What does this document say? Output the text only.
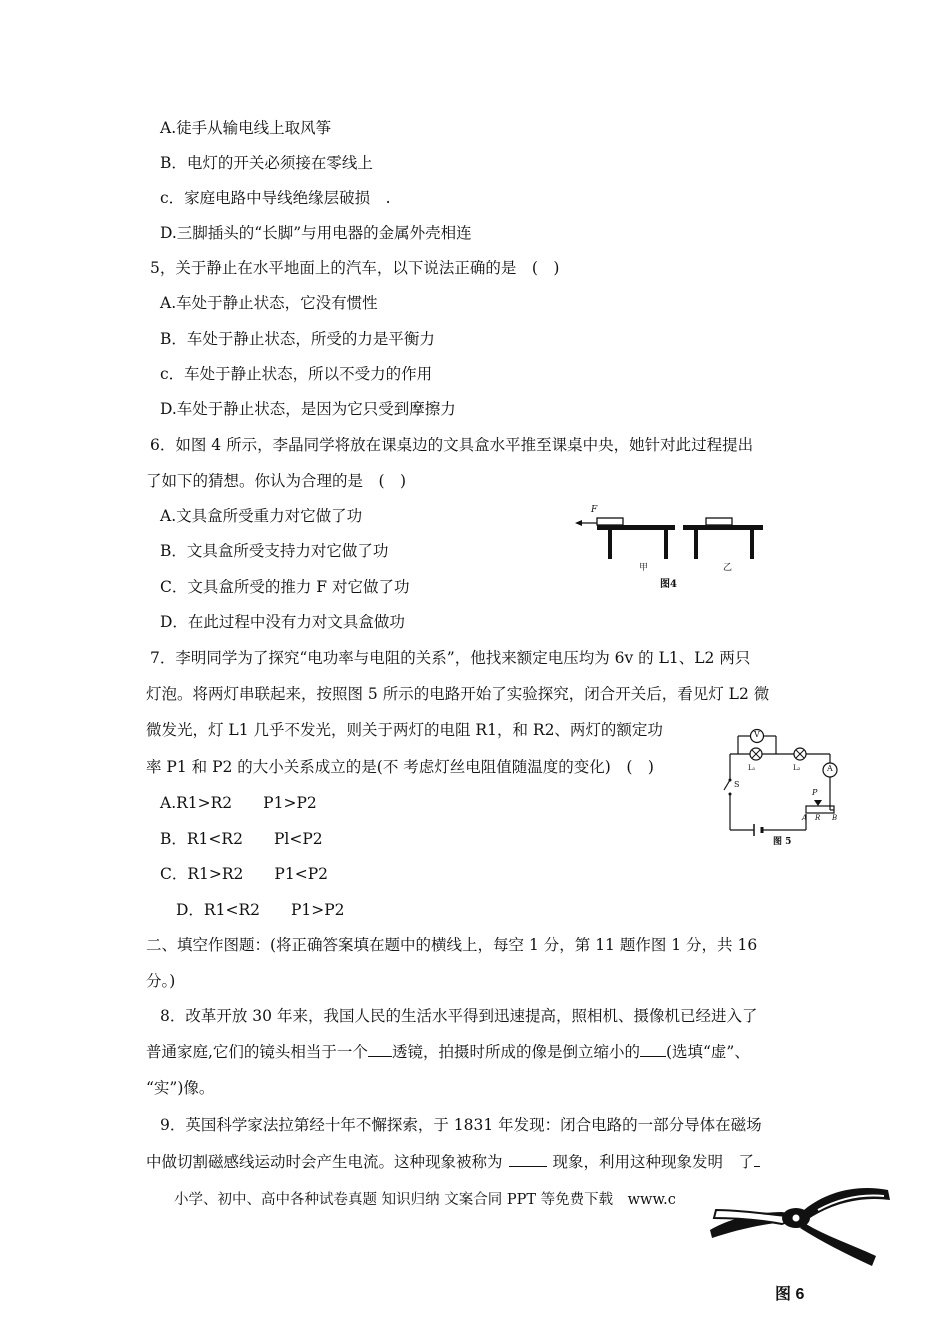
A.徒手从输电线上取风筝
B．电灯的开关必须接在零线上
c．家庭电路中导线绝缘层破损　.
D.三脚插头的“长脚”与用电器的金属外壳相连
5，关于静止在水平地面上的汽车，以下说法正确的是　(　)
A.车处于静止状态，它没有惯性
B．车处于静止状态，所受的力是平衡力
c．车处于静止状态，所以不受力的作用
D.车处于静止状态，是因为它只受到摩擦力
6．如图 4 所示，李晶同学将放在课桌边的文具盒水平推至课桌中央，她针对此过程提出
了如下的猜想。你认为合理的是　(　)
A.文具盒所受重力对它做了功
B．文具盒所受支持力对它做了功
C．文具盒所受的推力 F 对它做了功
D．在此过程中没有力对文具盒做功
F
甲	乙
图4
7．李明同学为了探究“电功率与电阻的关系”，他找来额定电压均为 6v 的 L1、L2 两只
灯泡。将两灯串联起来，按照图 5 所示的电路开始了实验探究，闭合开关后，看见灯 L2 微
微发光，灯 L1 几乎不发光，则关于两灯的电阻 R1，和 R2、两灯的额定功
率 P1 和 P2 的大小关系成立的是(不 考虑灯丝电阻值随温度的变化)　(　)
A.R1>R2　　P1>P2
B．R1<R2　　Pl<P2
C．R1>R2　　P1<P2
D．R1<R2　　P1>P2
V
A
L₁	L₂
S
P
A R B
图 5
二、填空作图题：(将正确答案填在题中的横线上，每空 1 分，第 11 题作图 1 分，共 16
分。)
8．改革开放 30 年来，我国人民的生活水平得到迅速提高，照相机、摄像机已经进入了
普通家庭,它们的镜头相当于一个 透镜，拍摄时所成的像是倒立缩小的 (选填“虚”、
“实”)像。
9．英国科学家法拉第经十年不懈探索，于 1831 年发现：闭合电路的一部分导体在磁场
中做切割磁感线运动时会产生电流。这种现象被称为	现象，利用这种现象发明　了
小学、初中、高中各种试卷真题 知识归纳 文案合同 PPT 等免费下载　www.c
图 6
